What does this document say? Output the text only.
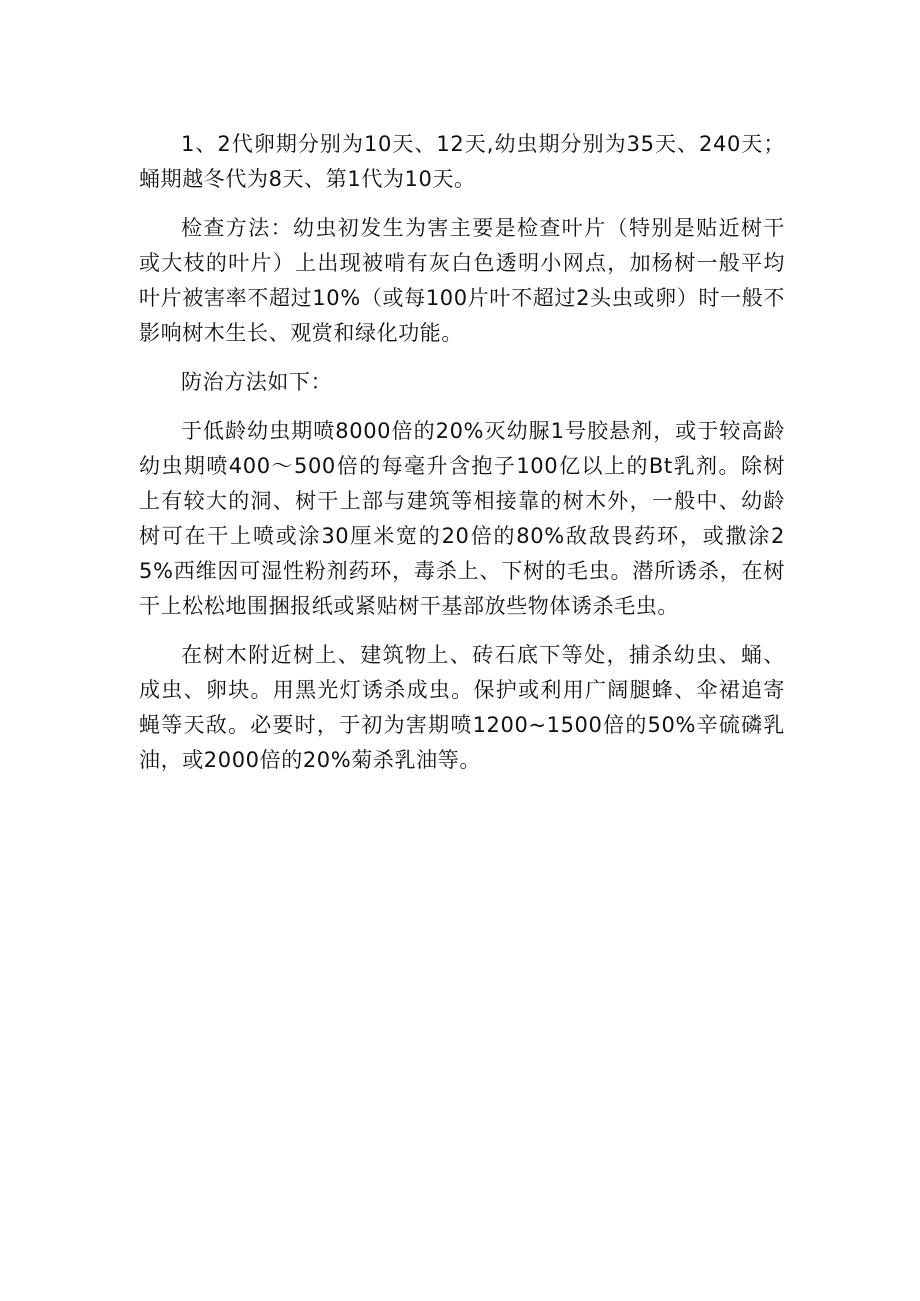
1、2代卵期分别为10天、12天,幼虫期分别为35天、240天；蛹期越冬代为8天、第1代为10天。

检查方法：幼虫初发生为害主要是检查叶片（特别是贴近树干或大枝的叶片）上出现被啃有灰白色透明小网点，加杨树一般平均叶片被害率不超过10%（或每100片叶不超过2头虫或卵）时一般不影响树木生长、观赏和绿化功能。

防治方法如下：

于低龄幼虫期喷8000倍的20%灭幼脲1号胶悬剂，或于较高龄幼虫期喷400～500倍的每毫升含抱子100亿以上的Bt乳剂。除树上有较大的洞、树干上部与建筑等相接靠的树木外，一般中、幼龄树可在干上喷或涂30厘米宽的20倍的80%敌敌畏药环，或撒涂25%西维因可湿性粉剂药环，毒杀上、下树的毛虫。潜所诱杀，在树干上松松地围捆报纸或紧贴树干基部放些物体诱杀毛虫。

在树木附近树上、建筑物上、砖石底下等处，捕杀幼虫、蛹、成虫、卵块。用黑光灯诱杀成虫。保护或利用广阔腿蜂、伞裙追寄蝇等天敌。必要时，于初为害期喷1200~1500倍的50%辛硫磷乳油，或2000倍的20%菊杀乳油等。
